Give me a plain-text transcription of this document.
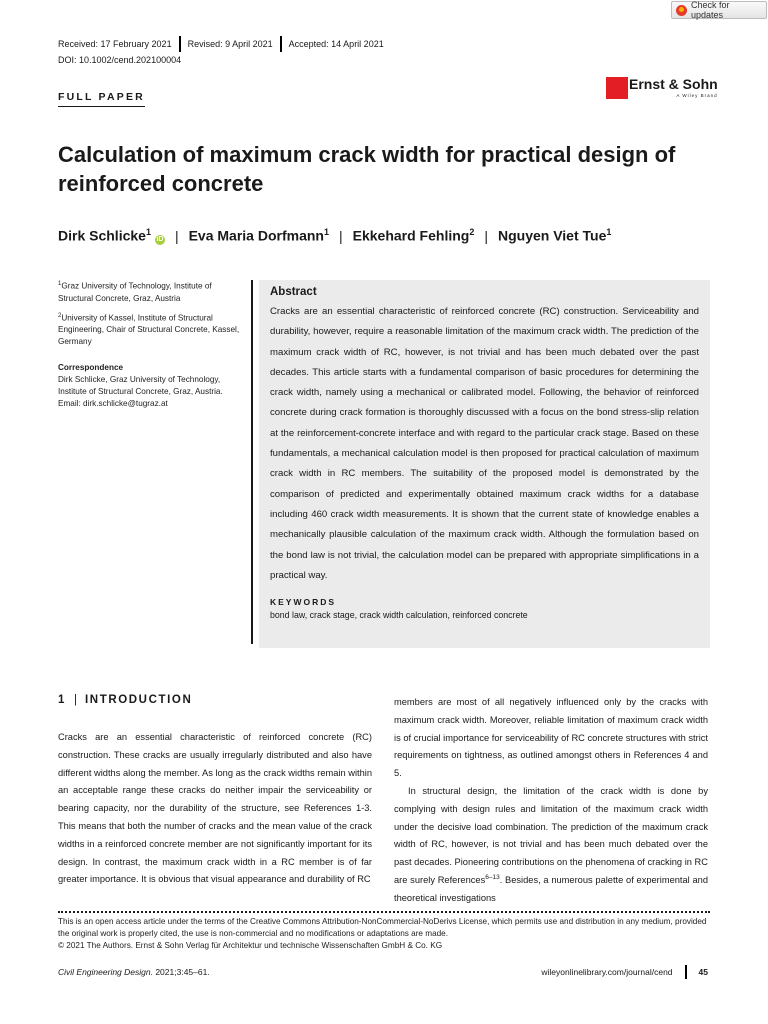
Check for updates
Received: 17 February 2021	Revised: 9 April 2021	Accepted: 14 April 2021
DOI: 10.1002/cend.202100004
FULL PAPER
Ernst & Sohn
A Wiley Brand
Calculation of maximum crack width for practical design of reinforced concrete
Dirk Schlicke$^1$
iD | Eva Maria Dorfmann$^1$ | Ekkehard Fehling$^2$ | Nguyen Viet Tue$^1$

$^1$Graz University of Technology, Institute of Structural Concrete, Graz, Austria

$^2$University of Kassel, Institute of Structural Engineering, Chair of Structural Concrete, Kassel, Germany

Correspondence

Dirk Schlicke, Graz University of Technology, Institute of Structural Concrete, Graz, Austria. Email: dirk.schlicke@tugraz.at

Abstract
Cracks are an essential characteristic of reinforced concrete (RC) construction. Serviceability and durability, however, require a reasonable limitation of the maximum crack width. The prediction of the maximum crack width of RC, however, is not trivial and has been much debated over the past decades. This article starts with a fundamental comparison of basic procedures for determining the crack width, namely using a mechanical or calibrated model. Following, the behavior of reinforced concrete during crack formation is thoroughly discussed with a focus on the bond stress-slip relation at the reinforcement-concrete interface and with regard to the particular crack stage. Based on these fundamentals, a mechanical calculation model is then proposed for practical calculation of maximum crack width in RC members. The suitability of the proposed model is demonstrated by the comparison of predicted and experimentally obtained maximum crack widths for a database including 460 crack width measurements. It is shown that the current state of knowledge enables a mechanically plausible calculation of the maximum crack width. Although the formulation based on the bond law is not trivial, the calculation model can be prepared with appropriate simplifications in a practical way.
KEYWORDS
bond law, crack stage, crack width calculation, reinforced concrete
1 | INTRODUCTION

Cracks are an essential characteristic of reinforced concrete (RC) construction. These cracks are usually irregularly distributed and also have different widths along the member. As long as the crack widths remain within an acceptable range these cracks do neither impair the serviceability or bearing capacity, nor the durability of the structure, see References 1-3. This means that both the number of cracks and the mean value of the crack widths in a reinforced concrete member are not significantly important for its design. In contrast, the maximum crack width in a RC member is of far greater importance. It is obvious that visual appearance and durability of RC

members are most of all negatively influenced only by the cracks with maximum crack width. Moreover, reliable limitation of maximum crack width is of crucial importance for serviceability of RC concrete structures with strict requirements on tightness, as outlined amongst others in References 4 and 5.

In structural design, the limitation of the crack width is done by complying with design rules and limitation of the maximum crack width under the decisive load combination. The prediction of the maximum crack width of RC, however, is not trivial and has been much debated over the past decades. Pioneering contributions on the phenomena of cracking in RC are surely References$^{6-13}$. Besides, a numerous palette of experimental and theoretical investigations

This is an open access article under the terms of the Creative Commons Attribution-NonCommercial-NoDerivs License, which permits use and distribution in any medium, provided the original work is properly cited, the use is non-commercial and no modifications or adaptations are made.

© 2021 The Authors. Ernst & Sohn Verlag für Architektur und technische Wissenschaften GmbH & Co. KG

Civil Engineering Design. 2021;3:45–61.	wileyonlinelibrary.com/journal/cend	45
